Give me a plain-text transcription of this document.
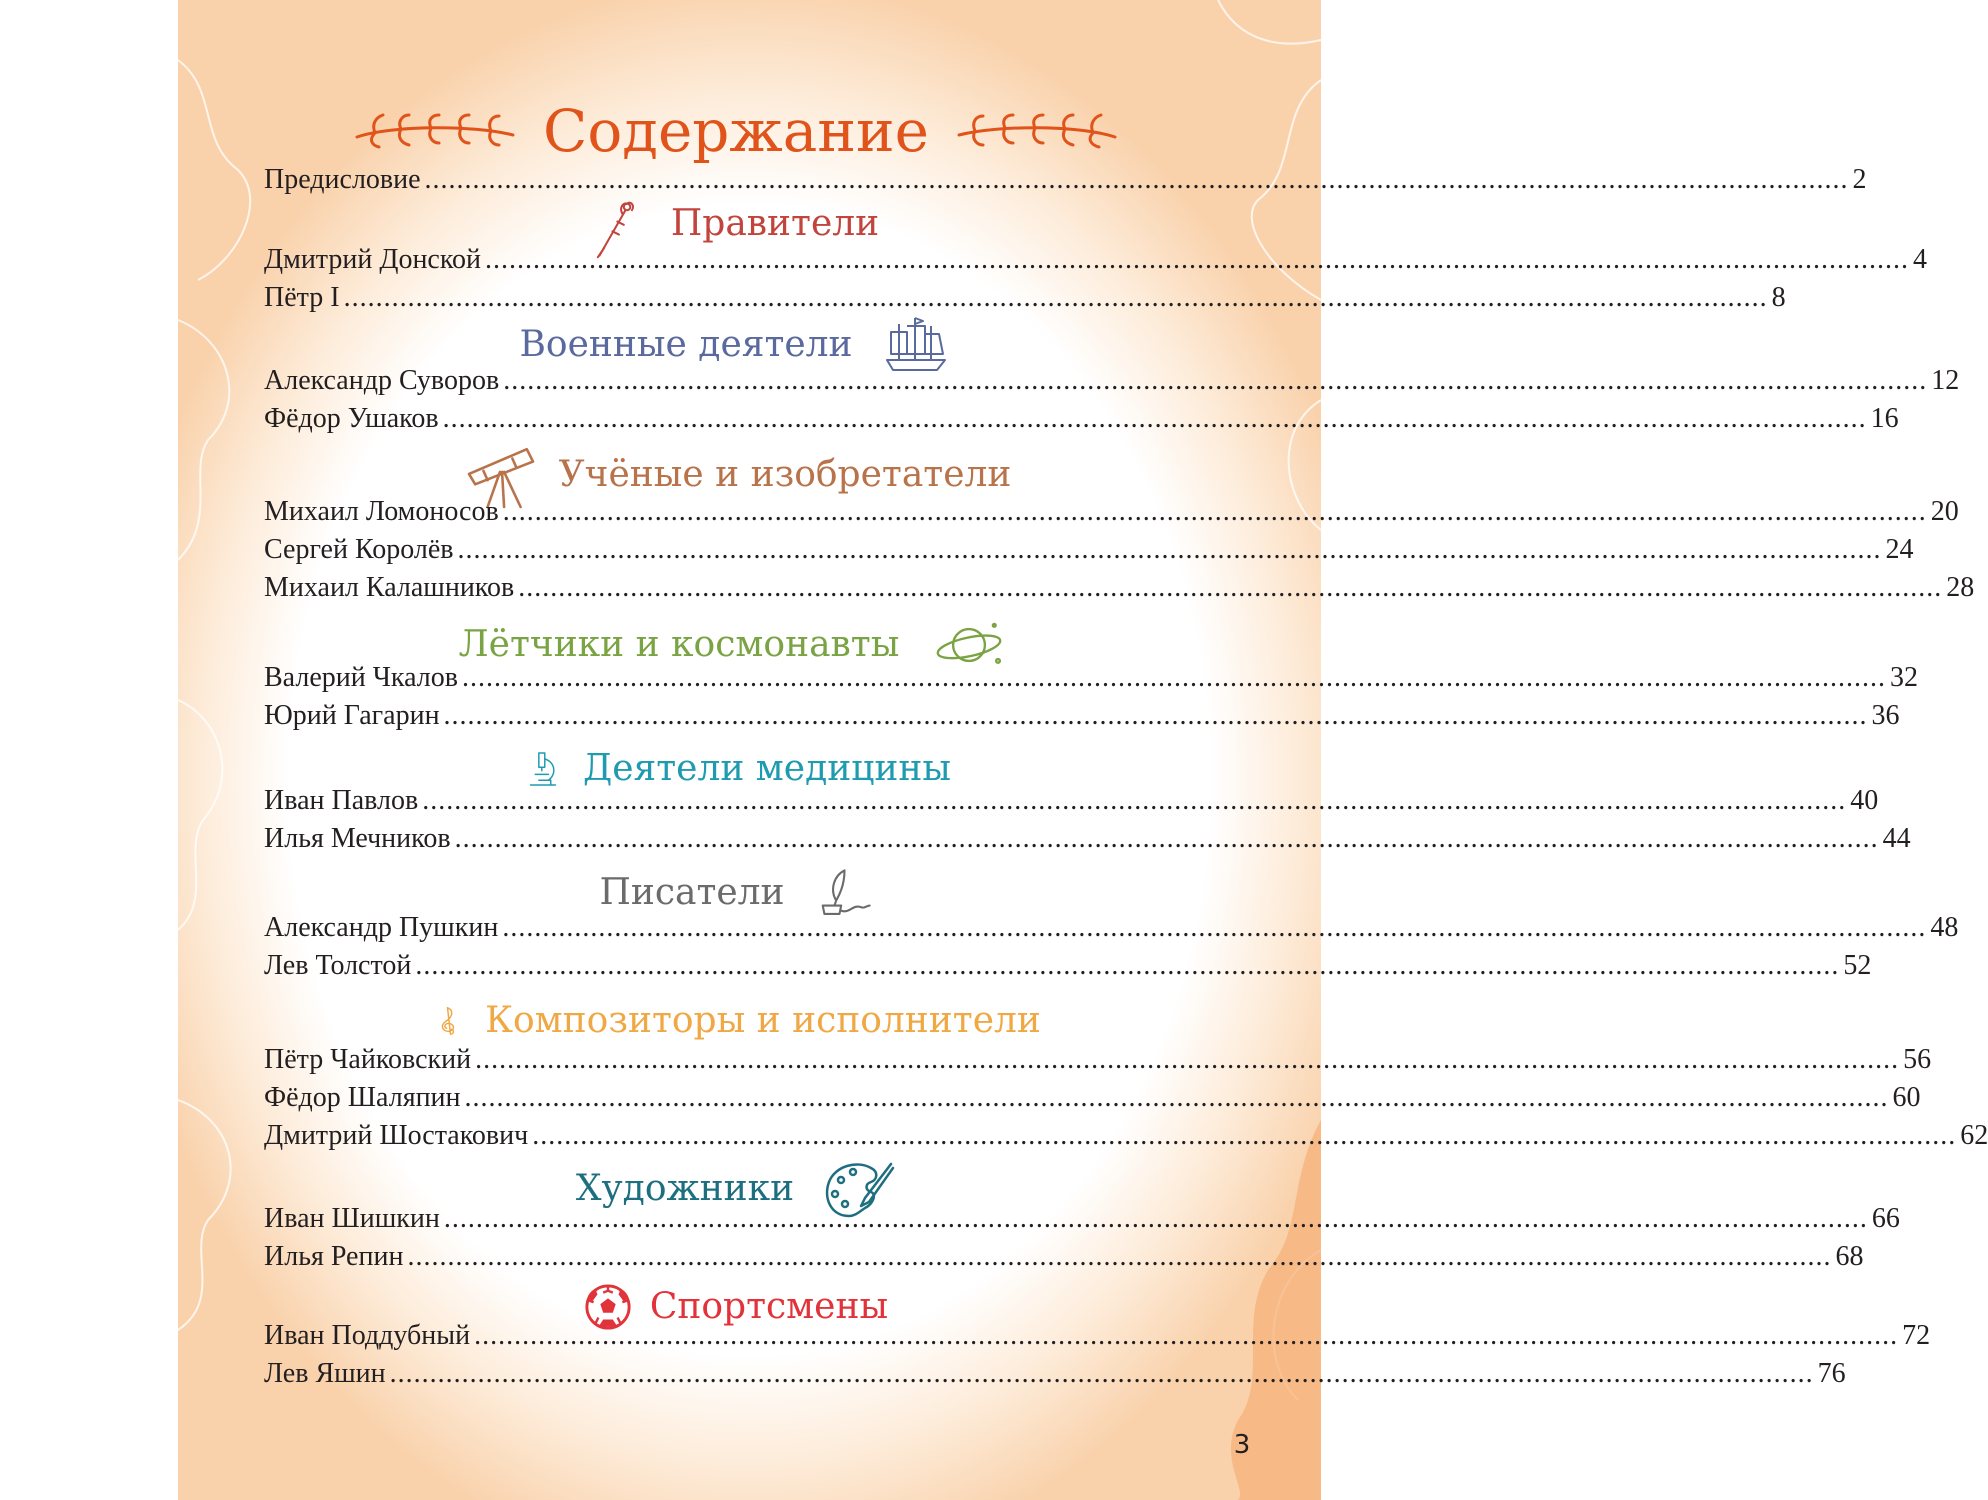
Содержание
Предисловие .................................................................................................................................................................................. 2
Правители
Дмитрий Донской .................................................................................................................................................................................. 4
Пётр I .................................................................................................................................................................................. 8
Военные деятели
Александр Суворов .................................................................................................................................................................................. 12
Фёдор Ушаков .................................................................................................................................................................................. 16
Учёные и изобретатели
Михаил Ломоносов .................................................................................................................................................................................. 20
Сергей Королёв .................................................................................................................................................................................. 24
Михаил Калашников .................................................................................................................................................................................. 28
Лётчики и космонавты
Валерий Чкалов .................................................................................................................................................................................. 32
Юрий Гагарин .................................................................................................................................................................................. 36
Деятели медицины
Иван Павлов .................................................................................................................................................................................. 40
Илья Мечников .................................................................................................................................................................................. 44
Писатели
Александр Пушкин .................................................................................................................................................................................. 48
Лев Толстой .................................................................................................................................................................................. 52
Композиторы и исполнители
Пётр Чайковский .................................................................................................................................................................................. 56
Фёдор Шаляпин .................................................................................................................................................................................. 60
Дмитрий Шостакович .................................................................................................................................................................................. 62
Художники
Иван Шишкин .................................................................................................................................................................................. 66
Илья Репин .................................................................................................................................................................................. 68
Спортсмены
Иван Поддубный .................................................................................................................................................................................. 72
Лев Яшин .................................................................................................................................................................................. 76
3
